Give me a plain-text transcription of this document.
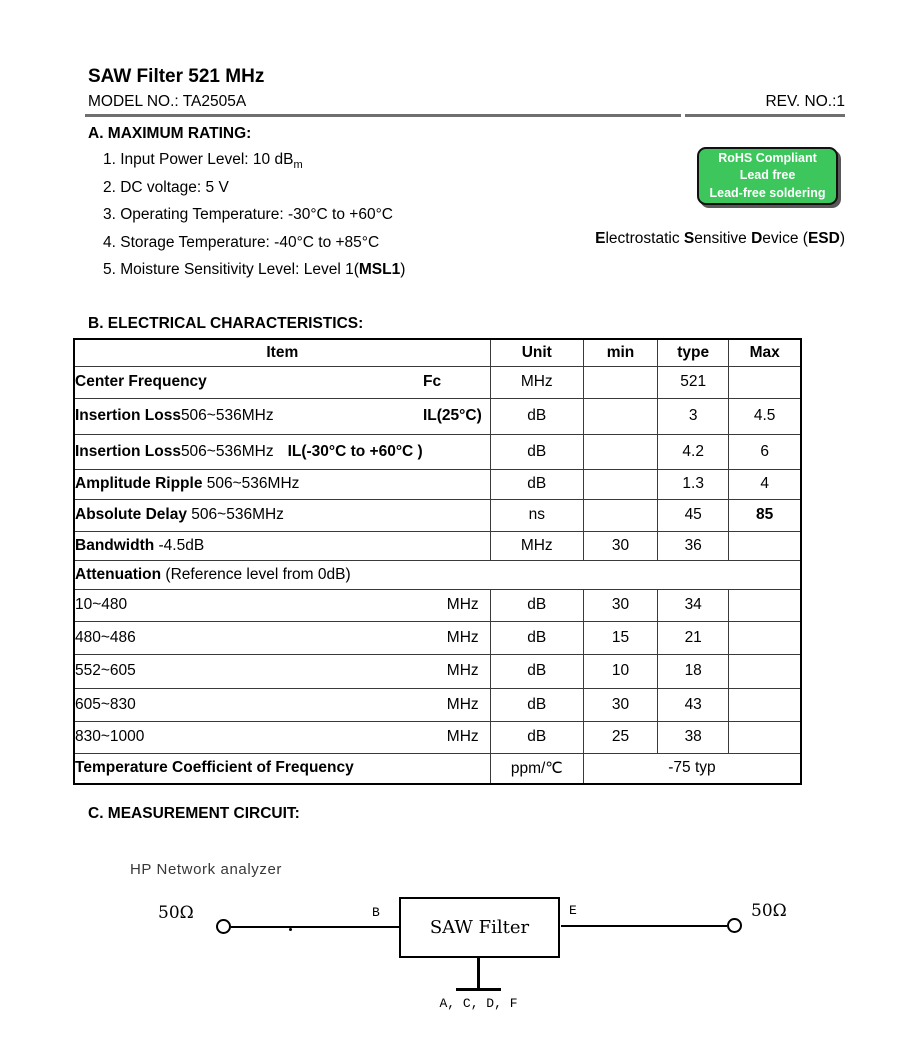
SAW Filter 521 MHz
MODEL NO.: TA2505A	REV. NO.:1
A. MAXIMUM RATING:
1. Input Power Level: 10 $dB_m$
2. DC voltage: 5 V
3. Operating Temperature: -30°C to +60°C
4. Storage Temperature: -40°C to +85°C
5. Moisture Sensitivity Level: Level 1(MSL1)
RoHS Compliant
Lead free
Lead-free soldering
Electrostatic Sensitive Device (ESD)
B. ELECTRICAL CHARACTERISTICS:
Item	Unit	min	type	Max
Center Frequency Fc	MHz		521	
Insertion Loss506~536MHz IL(25°C)	dB		3	4.5
Insertion Loss506~536MHz IL(-30°C to +60°C )	dB		4.2	6
Amplitude Ripple 506~536MHz	dB		1.3	4
Absolute Delay 506~536MHz	ns		45	85
Bandwidth -4.5dB	MHz	30	36	
Attenuation (Reference level from 0dB)				
10~480 MHz	dB	30	34	
480~486 MHz	dB	15	21	
552~605 MHz	dB	10	18	
605~830 MHz	dB	30	43	
830~1000 MHz	dB	25	38	
Temperature Coefficient of Frequency	ppm/℃	-75 typ		
C. MEASUREMENT CIRCUIT:
HP Network analyzer
50Ω	B
SAW Filter
E	50Ω
A, C, D, F
